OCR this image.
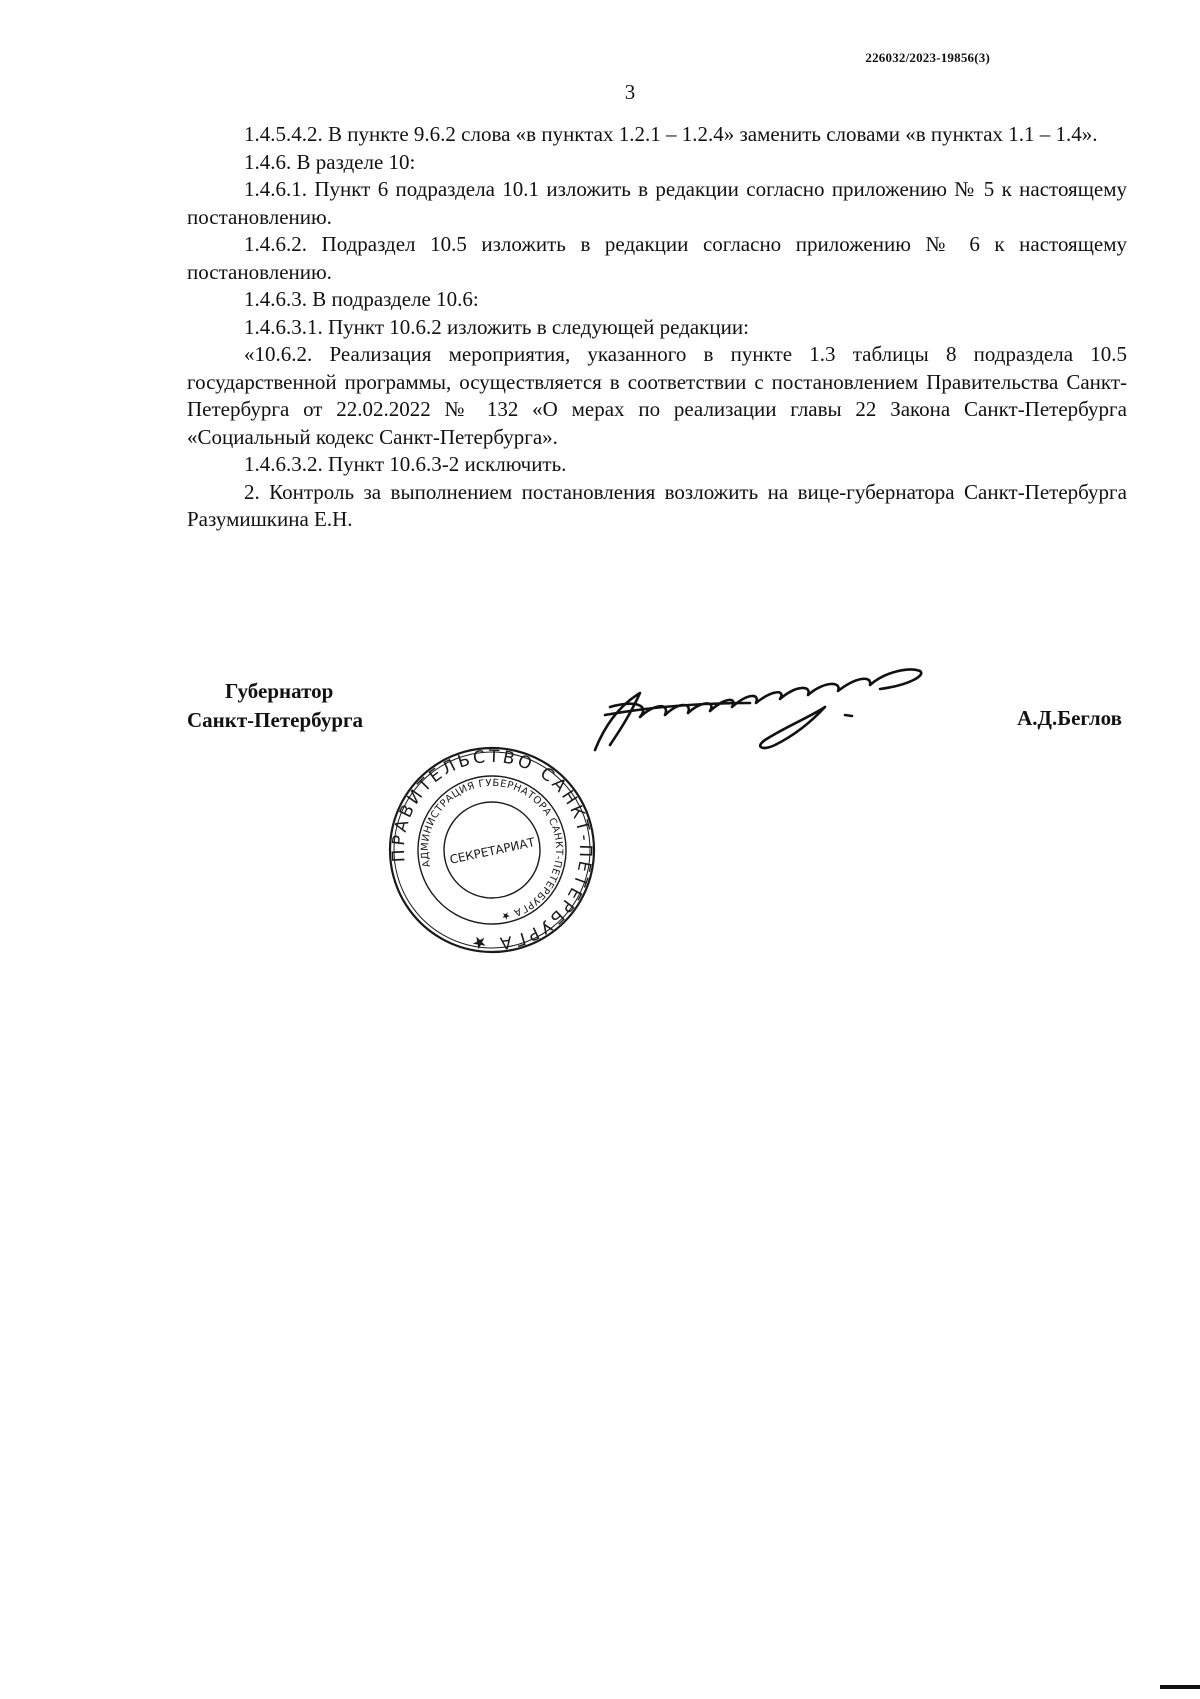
226032/2023-19856(3)
3

1.4.5.4.2. В пункте 9.6.2 слова «в пунктах 1.2.1 – 1.2.4» заменить словами «в пунктах 1.1 – 1.4».

1.4.6. В разделе 10:

1.4.6.1. Пункт 6 подраздела 10.1 изложить в редакции согласно приложению № 5 к настоящему постановлению.

1.4.6.2. Подраздел 10.5 изложить в редакции согласно приложению № 6 к настоящему постановлению.

1.4.6.3. В подразделе 10.6:

1.4.6.3.1. Пункт 10.6.2 изложить в следующей редакции:

«10.6.2. Реализация мероприятия, указанного в пункте 1.3 таблицы 8 подраздела 10.5 государственной программы, осуществляется в соответствии с постановлением Правительства Санкт-Петербурга от 22.02.2022 № 132 «О мерах по реализации главы 22 Закона Санкт-Петербурга «Социальный кодекс Санкт-Петербурга».

1.4.6.3.2. Пункт 10.6.3-2 исключить.

2. Контроль за выполнением постановления возложить на вице-губернатора Санкт-Петербурга Разумишкина Е.Н.

Губернатор
Санкт-Петербурга	А.Д.Беглов
ПРАВИТЕЛЬСТВО САНКТ-ПЕТЕРБУРГА ★
АДМИНИСТРАЦИЯ ГУБЕРНАТОРА САНКТ-ПЕТЕРБУРГА ★
СЕКРЕТАРИАТ
